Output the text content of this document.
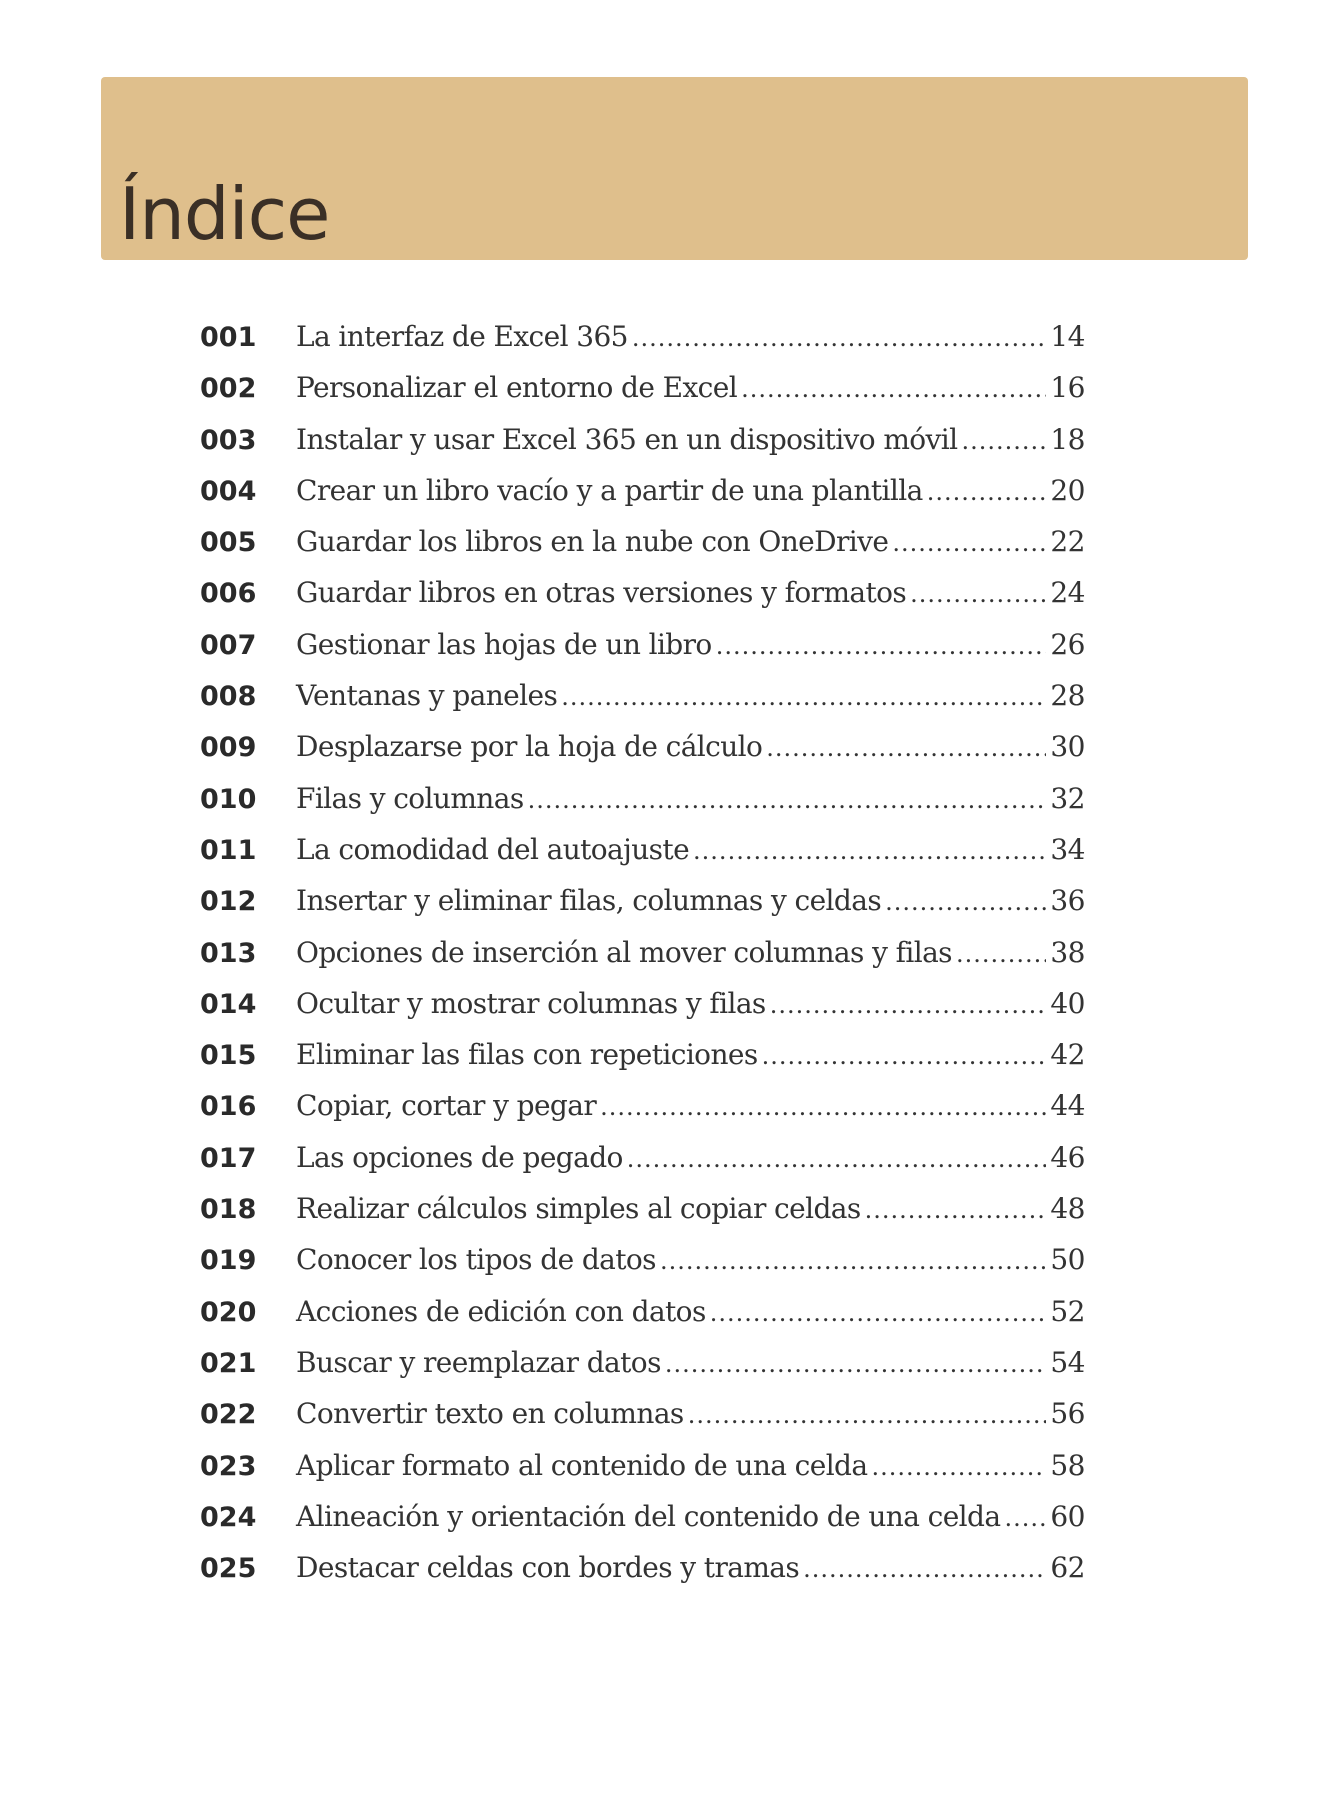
Índice
001	La interfaz de Excel 365 .....	14
002	Personalizar el entorno de Excel .....	16
003	Instalar y usar Excel 365 en un dispositivo móvil .....	18
004	Crear un libro vacío y a partir de una plantilla .....	20
005	Guardar los libros en la nube con OneDrive .....	22
006	Guardar libros en otras versiones y formatos .....	24
007	Gestionar las hojas de un libro .....	26
008	Ventanas y paneles .....	28
009	Desplazarse por la hoja de cálculo .....	30
010	Filas y columnas .....	32
011	La comodidad del autoajuste .....	34
012	Insertar y eliminar filas, columnas y celdas .....	36
013	Opciones de inserción al mover columnas y filas .....	38
014	Ocultar y mostrar columnas y filas .....	40
015	Eliminar las filas con repeticiones .....	42
016	Copiar, cortar y pegar .....	44
017	Las opciones de pegado .....	46
018	Realizar cálculos simples al copiar celdas .....	48
019	Conocer los tipos de datos .....	50
020	Acciones de edición con datos .....	52
021	Buscar y reemplazar datos .....	54
022	Convertir texto en columnas .....	56
023	Aplicar formato al contenido de una celda .....	58
024	Alineación y orientación del contenido de una celda ..... 60
025	Destacar celdas con bordes y tramas .....	62
